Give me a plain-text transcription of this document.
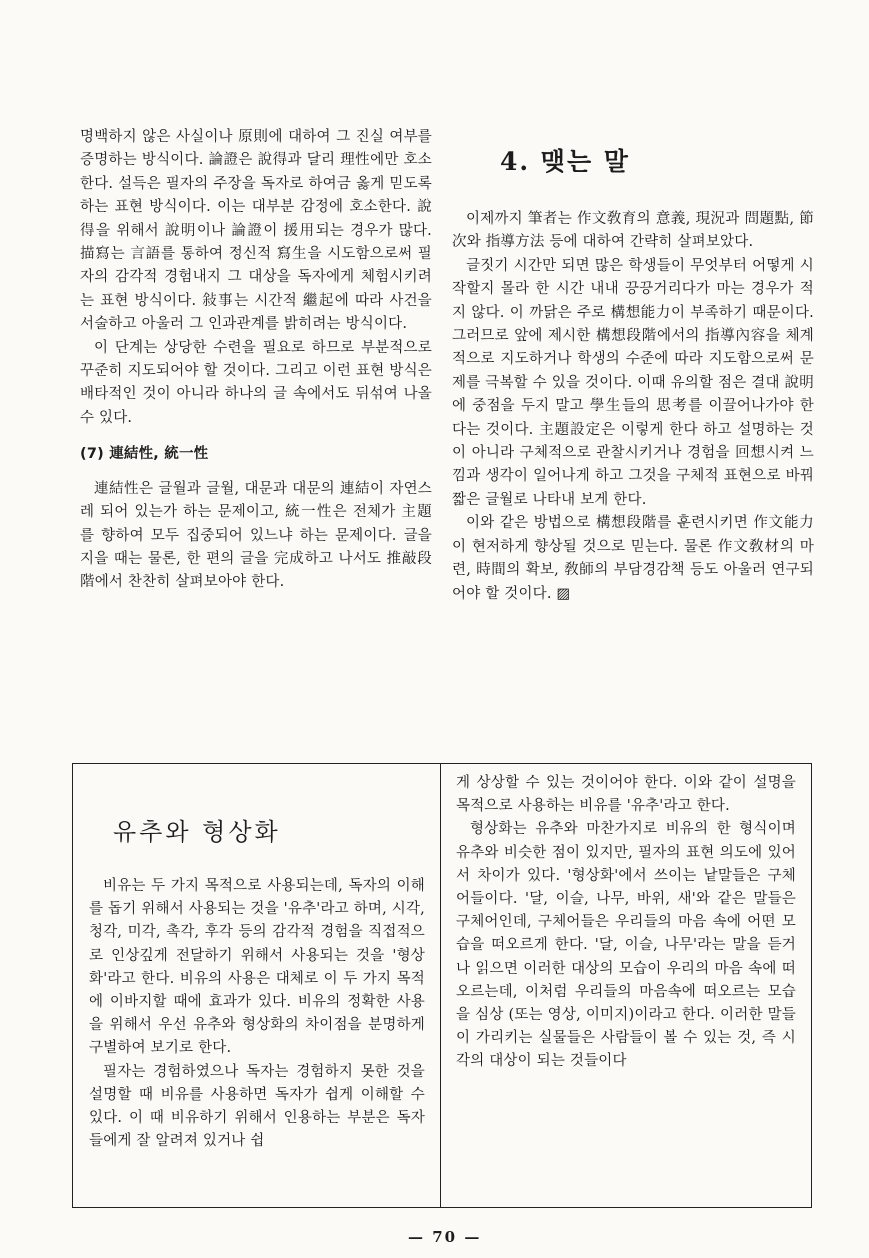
명백하지 않은 사실이나 原則에 대하여 그 진실 여부를 증명하는 방식이다. 論證은 說得과 달리 理性에만 호소한다. 설득은 필자의 주장을 독자로 하여금 옳게 믿도록 하는 표현 방식이다. 이는 대부분 감정에 호소한다. 說得을 위해서 說明이나 論證이 援用되는 경우가 많다. 描寫는 言語를 통하여 정신적 寫生을 시도함으로써 필자의 감각적 경험내지 그 대상을 독자에게 체험시키려는 표현 방식이다. 敍事는 시간적 繼起에 따라 사건을 서술하고 아울러 그 인과관계를 밝히려는 방식이다.

이 단계는 상당한 수련을 필요로 하므로 부분적으로 꾸준히 지도되어야 할 것이다. 그리고 이런 표현 방식은 배타적인 것이 아니라 하나의 글 속에서도 뒤섞여 나올 수 있다.

(7) 連結性, 統一性

連結性은 글월과 글월, 대문과 대문의 連結이 자연스레 되어 있는가 하는 문제이고, 統一性은 전체가 主題를 향하여 모두 집중되어 있느냐 하는 문제이다. 글을 지을 때는 물론, 한 편의 글을 完成하고 나서도 推敲段階에서 찬찬히 살펴보아야 한다.

4. 맺는 말

이제까지 筆者는 作文敎育의 意義, 現況과 問題點, 節次와 指導方法 등에 대하여 간략히 살펴보았다.

글짓기 시간만 되면 많은 학생들이 무엇부터 어떻게 시작할지 몰라 한 시간 내내 끙끙거리다가 마는 경우가 적지 않다. 이 까닭은 주로 構想能力이 부족하기 때문이다. 그러므로 앞에 제시한 構想段階에서의 指導內容을 체계적으로 지도하거나 학생의 수준에 따라 지도함으로써 문제를 극복할 수 있을 것이다. 이때 유의할 점은 결대 說明에 중점을 두지 말고 學生들의 思考를 이끌어나가야 한다는 것이다. 主題設定은 이렇게 한다 하고 설명하는 것이 아니라 구체적으로 관찰시키거나 경험을 回想시켜 느낌과 생각이 일어나게 하고 그것을 구체적 표현으로 바꿔 짧은 글월로 나타내 보게 한다.

이와 같은 방법으로 構想段階를 훈련시키면 作文能力이 현저하게 향상될 것으로 믿는다. 물론 作文敎材의 마련, 時間의 확보, 敎師의 부담경감책 등도 아울러 연구되어야 할 것이다. ▨

유추와 형상화

비유는 두 가지 목적으로 사용되는데, 독자의 이해를 돕기 위해서 사용되는 것을 '유추'라고 하며, 시각, 청각, 미각, 촉각, 후각 등의 감각적 경험을 직접적으로 인상깊게 전달하기 위해서 사용되는 것을 '형상화'라고 한다. 비유의 사용은 대체로 이 두 가지 목적에 이바지할 때에 효과가 있다. 비유의 정확한 사용을 위해서 우선 유추와 형상화의 차이점을 분명하게 구별하여 보기로 한다.

필자는 경험하였으나 독자는 경험하지 못한 것을 설명할 때 비유를 사용하면 독자가 쉽게 이해할 수 있다. 이 때 비유하기 위해서 인용하는 부분은 독자들에게 잘 알려져 있거나 쉽

게 상상할 수 있는 것이어야 한다. 이와 같이 설명을 목적으로 사용하는 비유를 '유추'라고 한다.

형상화는 유추와 마찬가지로 비유의 한 형식이며 유추와 비슷한 점이 있지만, 필자의 표현 의도에 있어서 차이가 있다. '형상화'에서 쓰이는 낱말들은 구체어들이다. '달, 이슬, 나무, 바위, 새'와 같은 말들은 구체어인데, 구체어들은 우리들의 마음 속에 어떤 모습을 떠오르게 한다. '달, 이슬, 나무'라는 말을 듣거나 읽으면 이러한 대상의 모습이 우리의 마음 속에 떠오르는데, 이처럼 우리들의 마음속에 떠오르는 모습을 심상 (또는 영상, 이미지)이라고 한다. 이러한 말들이 가리키는 실물들은 사람들이 볼 수 있는 것, 즉 시각의 대상이 되는 것들이다

— 70 —
